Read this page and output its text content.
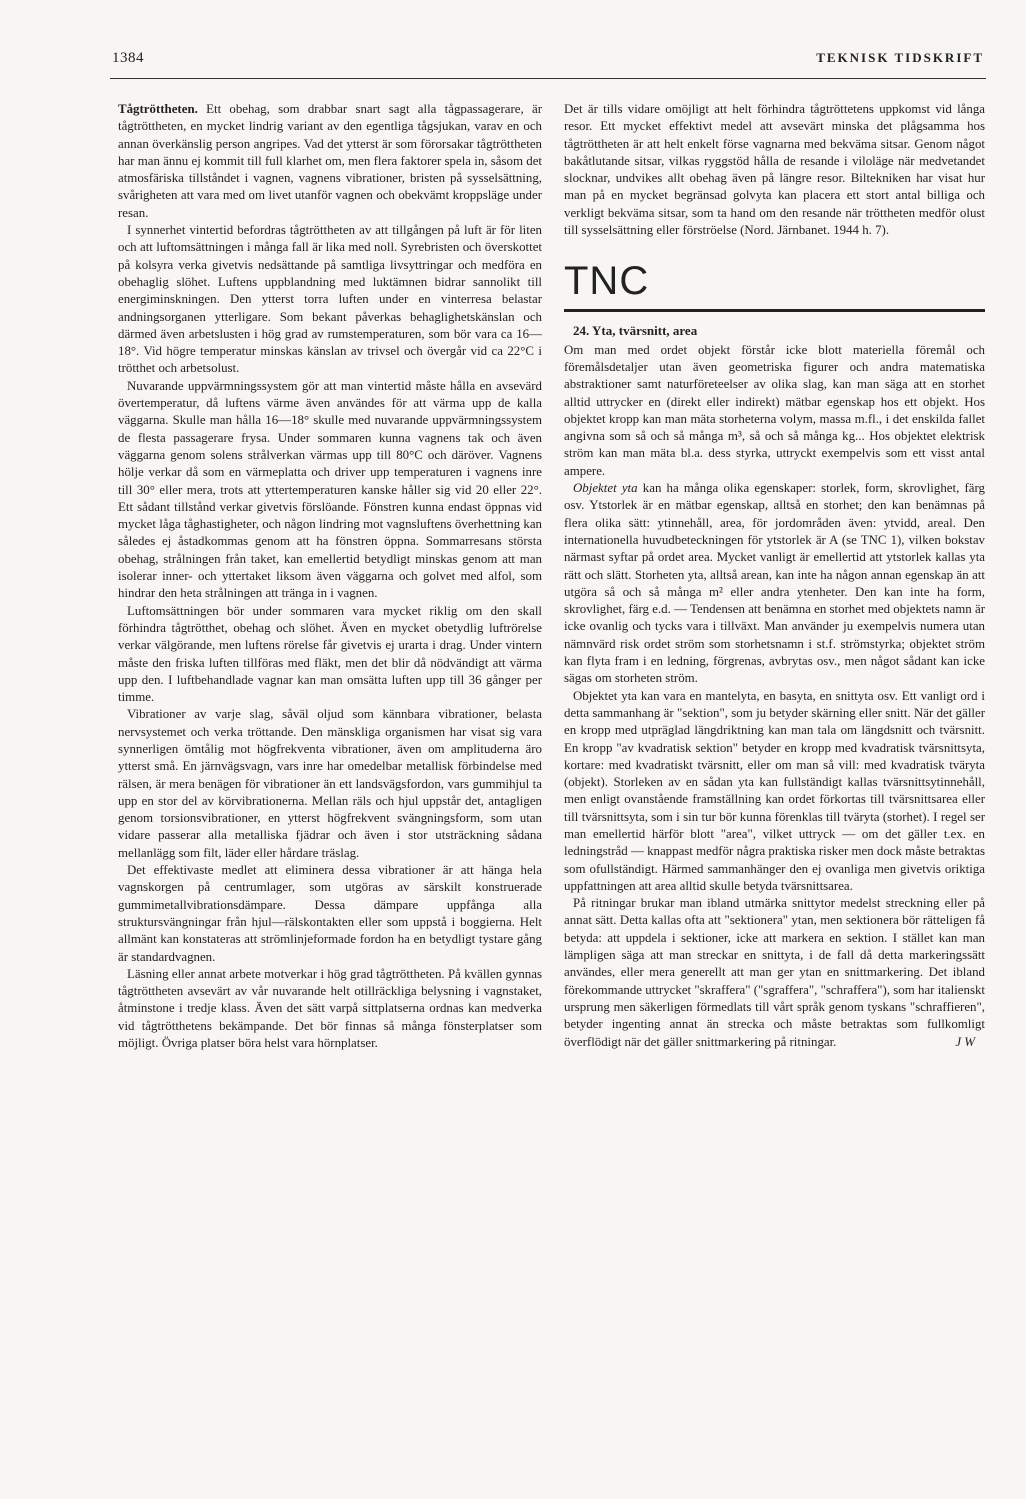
1384	TEKNISK TIDSKRIFT

Tågtröttheten. Ett obehag, som drabbar snart sagt alla tågpassagerare, är tågtröttheten, en mycket lindrig variant av den egentliga tågsjukan, varav en och annan överkänslig person angripes. Vad det ytterst är som förorsakar tågtröttheten har man ännu ej kommit till full klarhet om, men flera faktorer spela in, såsom det atmosfäriska tillståndet i vagnen, vagnens vibrationer, bristen på sysselsättning, svårigheten att vara med om livet utanför vagnen och obekvämt kroppsläge under resan.

I synnerhet vintertid befordras tågtröttheten av att tillgången på luft är för liten och att luftomsättningen i många fall är lika med noll. Syrebristen och överskottet på kolsyra verka givetvis nedsättande på samtliga livsyttringar och medföra en obehaglig slöhet. Luftens uppblandning med luktämnen bidrar sannolikt till energiminskningen. Den ytterst torra luften under en vinterresa belastar andningsorganen ytterligare. Som bekant påverkas behaglighetskänslan och därmed även arbetslusten i hög grad av rumstemperaturen, som bör vara ca 16—18°. Vid högre temperatur minskas känslan av trivsel och övergår vid ca 22°C i trötthet och arbetsolust.

Nuvarande uppvärmningssystem gör att man vintertid måste hålla en avsevärd övertemperatur, då luftens värme även användes för att värma upp de kalla väggarna. Skulle man hålla 16—18° skulle med nuvarande uppvärmningssystem de flesta passagerare frysa. Under sommaren kunna vagnens tak och även väggarna genom solens strålverkan värmas upp till 80°C och däröver. Vagnens hölje verkar då som en värmeplatta och driver upp temperaturen i vagnens inre till 30° eller mera, trots att yttertemperaturen kanske håller sig vid 20 eller 22°. Ett sådant tillstånd verkar givetvis förslöande. Fönstren kunna endast öppnas vid mycket låga tåghastigheter, och någon lindring mot vagnsluftens överhettning kan således ej åstadkommas genom att ha fönstren öppna. Sommarresans största obehag, strålningen från taket, kan emellertid betydligt minskas genom att man isolerar inner- och yttertaket liksom även väggarna och golvet med alfol, som hindrar den heta strålningen att tränga in i vagnen.

Luftomsättningen bör under sommaren vara mycket riklig om den skall förhindra tågtrötthet, obehag och slöhet. Även en mycket obetydlig luftrörelse verkar välgörande, men luftens rörelse får givetvis ej urarta i drag. Under vintern måste den friska luften tillföras med fläkt, men det blir då nödvändigt att värma upp den. I luftbehandlade vagnar kan man omsätta luften upp till 36 gånger per timme.

Vibrationer av varje slag, såväl oljud som kännbara vibrationer, belasta nervsystemet och verka tröttande. Den mänskliga organismen har visat sig vara synnerligen ömtålig mot högfrekventa vibrationer, även om amplituderna äro ytterst små. En järnvägsvagn, vars inre har omedelbar metallisk förbindelse med rälsen, är mera benägen för vibrationer än ett landsvägsfordon, vars gummihjul ta upp en stor del av körvibrationerna. Mellan räls och hjul uppstår det, antagligen genom torsionsvibrationer, en ytterst högfrekvent svängningsform, som utan vidare passerar alla metalliska fjädrar och även i stor utsträckning sådana mellanlägg som filt, läder eller hårdare träslag.

Det effektivaste medlet att eliminera dessa vibrationer är att hänga hela vagnskorgen på centrumlager, som utgöras av särskilt konstruerade gummimetallvibrationsdämpare. Dessa dämpare uppfånga alla struktursvängningar från hjul—rälskontakten eller som uppstå i boggierna. Helt allmänt kan konstateras att strömlinjeformade fordon ha en betydligt tystare gång är standardvagnen.

Läsning eller annat arbete motverkar i hög grad tågtröttheten. På kvällen gynnas tågtröttheten avsevärt av vår nuvarande helt otillräckliga belysning i vagnstaket, åtminstone i tredje klass. Även det sätt varpå sittplatserna ordnas kan medverka vid tågtrötthetens bekämpande. Det bör finnas så många fönsterplatser som möjligt. Övriga platser böra helst vara hörnplatser.

Det är tills vidare omöjligt att helt förhindra tågtröttetens uppkomst vid långa resor. Ett mycket effektivt medel att avsevärt minska det plågsamma hos tågtröttheten är att helt enkelt förse vagnarna med bekväma sitsar. Genom något bakåtlutande sitsar, vilkas ryggstöd hålla de resande i viloläge när medvetandet slocknar, undvikes allt obehag även på längre resor. Biltekniken har visat hur man på en mycket begränsad golvyta kan placera ett stort antal billiga och verkligt bekväma sitsar, som ta hand om den resande när tröttheten medför olust till sysselsättning eller förströelse (Nord. Järnbanet. 1944 h. 7).

TNC
24. Yta, tvärsnitt, area

Om man med ordet objekt förstår icke blott materiella föremål och föremålsdetaljer utan även geometriska figurer och andra matematiska abstraktioner samt naturföreteelser av olika slag, kan man säga att en storhet alltid uttrycker en (direkt eller indirekt) mätbar egenskap hos ett objekt. Hos objektet kropp kan man mäta storheterna volym, massa m.fl., i det enskilda fallet angivna som så och så många m³, så och så många kg... Hos objektet elektrisk ström kan man mäta bl.a. dess styrka, uttryckt exempelvis som ett visst antal ampere.

Objektet yta kan ha många olika egenskaper: storlek, form, skrovlighet, färg osv. Ytstorlek är en mätbar egenskap, alltså en storhet; den kan benämnas på flera olika sätt: ytinnehåll, area, för jordområden även: ytvidd, areal. Den internationella huvudbeteckningen för ytstorlek är A (se TNC 1), vilken bokstav närmast syftar på ordet area. Mycket vanligt är emellertid att ytstorlek kallas yta rätt och slätt. Storheten yta, alltså arean, kan inte ha någon annan egenskap än att utgöra så och så många m² eller andra ytenheter. Den kan inte ha form, skrovlighet, färg e.d. — Tendensen att benämna en storhet med objektets namn är icke ovanlig och tycks vara i tillväxt. Man använder ju exempelvis numera utan nämnvärd risk ordet ström som storhetsnamn i st.f. strömstyrka; objektet ström kan flyta fram i en ledning, förgrenas, avbrytas osv., men något sådant kan icke sägas om storheten ström.

Objektet yta kan vara en mantelyta, en basyta, en snittyta osv. Ett vanligt ord i detta sammanhang är "sektion", som ju betyder skärning eller snitt. När det gäller en kropp med utpräglad längdriktning kan man tala om längdsnitt och tvärsnitt. En kropp "av kvadratisk sektion" betyder en kropp med kvadratisk tvärsnittsyta, kortare: med kvadratiskt tvärsnitt, eller om man så vill: med kvadratisk tväryta (objekt). Storleken av en sådan yta kan fullständigt kallas tvärsnittsytinnehåll, men enligt ovanstående framställning kan ordet förkortas till tvärsnittsarea eller till tvärsnittsyta, som i sin tur bör kunna förenklas till tväryta (storhet). I regel ser man emellertid härför blott "area", vilket uttryck — om det gäller t.ex. en ledningstråd — knappast medför några praktiska risker men dock måste betraktas som ofullständigt. Härmed sammanhänger den ej ovanliga men givetvis oriktiga uppfattningen att area alltid skulle betyda tvärsnittsarea.

På ritningar brukar man ibland utmärka snittytor medelst streckning eller på annat sätt. Detta kallas ofta att "sektionera" ytan, men sektionera bör rätteligen få betyda: att uppdela i sektioner, icke att markera en sektion. I stället kan man lämpligen säga att man streckar en snittyta, i de fall då detta markeringssätt användes, eller mera generellt att man ger ytan en snittmarkering. Det ibland förekommande uttrycket "skraffera" ("sgraffera", "schraffera"), som har italienskt ursprung men säkerligen förmedlats till vårt språk genom tyskans "schraffieren", betyder ingenting annat än strecka och måste betraktas som fullkomligt överflödigt när det gäller snittmarkering på ritningar.	J W
